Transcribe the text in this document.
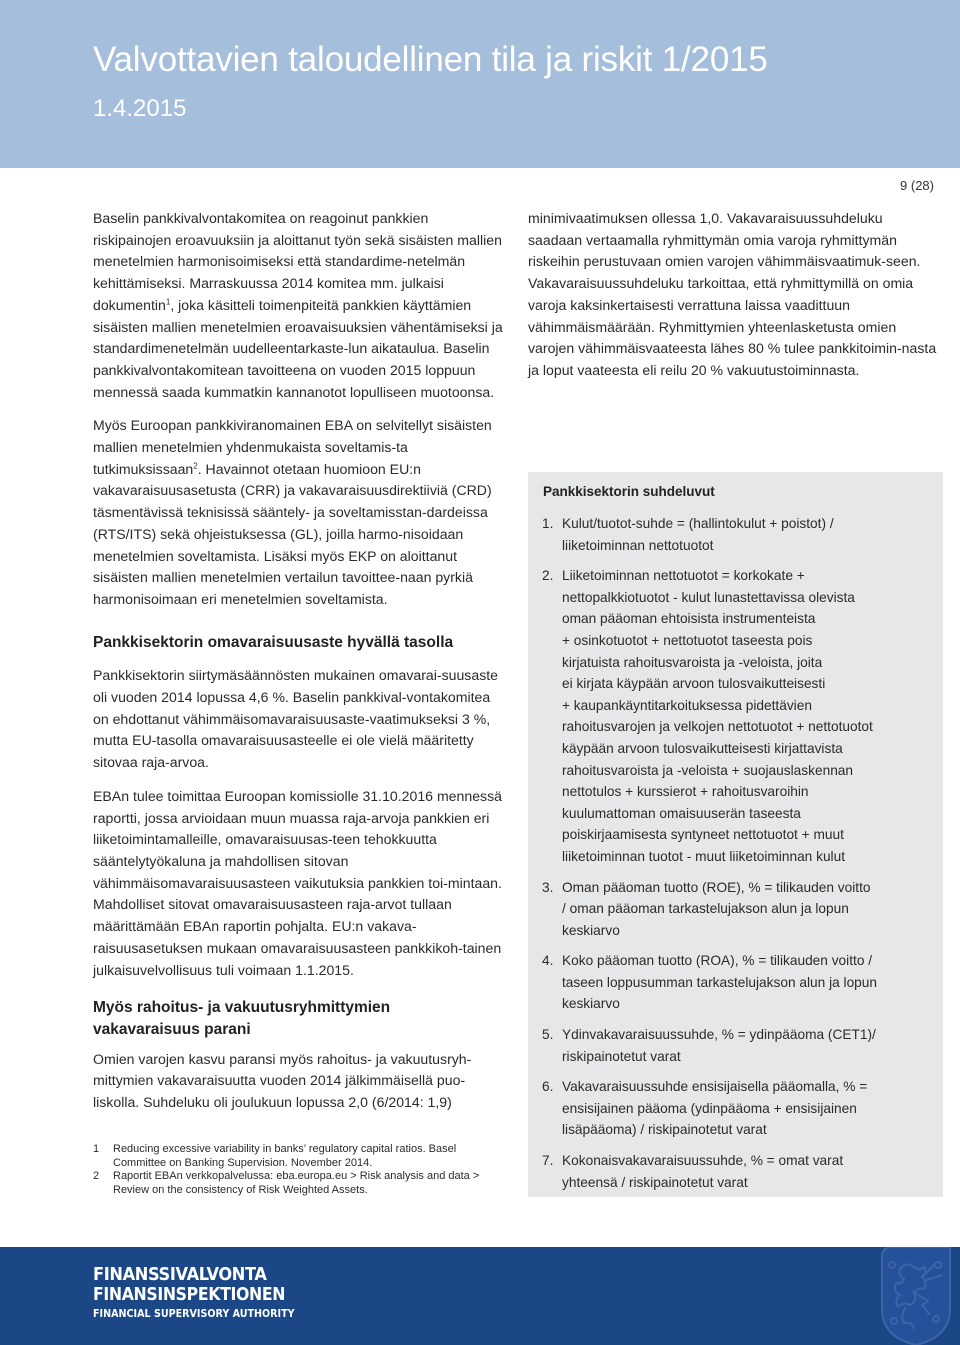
Valvottavien taloudellinen tila ja riskit 1/2015
1.4.2015
9 (28)

Baselin pankkivalvontakomitea on reagoinut pankkien riskipainojen eroavuuksiin ja aloittanut työn sekä sisäisten mallien menetelmien harmonisoimiseksi että standardime-netelmän kehittämiseksi. Marraskuussa 2014 komitea mm. julkaisi dokumentin$^1$, joka käsitteli toimenpiteitä pankkien käyttämien sisäisten mallien menetelmien eroavaisuuksien vähentämiseksi ja standardimenetelmän uudelleentarkaste-lun aikataulua. Baselin pankkivalvontakomitean tavoitteena on vuoden 2015 loppuun mennessä saada kummatkin kannanotot lopulliseen muotoonsa.

Myös Euroopan pankkiviranomainen EBA on selvitellyt sisäisten mallien menetelmien yhdenmukaista soveltamis-ta tutkimuksissaan$^2$. Havainnot otetaan huomioon EU:n vakavaraisuusasetusta (CRR) ja vakavaraisuusdirektiiviä (CRD) täsmentävissä teknisissä sääntely- ja soveltamisstan-dardeissa (RTS/ITS) sekä ohjeistuksessa (GL), joilla harmo-nisoidaan menetelmien soveltamista. Lisäksi myös EKP on aloittanut sisäisten mallien menetelmien vertailun tavoittee-naan pyrkiä harmonisoimaan eri menetelmien soveltamista.

Pankkisektorin omavaraisuusaste hyvällä tasolla

Pankkisektorin siirtymäsäännösten mukainen omavarai-suusaste oli vuoden 2014 lopussa 4,6 %. Baselin pankkival-vontakomitea on ehdottanut vähimmäisomavaraisuusaste-vaatimukseksi 3 %, mutta EU-tasolla omavaraisuusasteelle ei ole vielä määritetty sitovaa raja-arvoa.

EBAn tulee toimittaa Euroopan komissiolle 31.10.2016 mennessä raportti, jossa arvioidaan muun muassa raja-arvoja pankkien eri liiketoimintamalleille, omavaraisuusas-teen tehokkuutta sääntelytyökaluna ja mahdollisen sitovan vähimmäisomavaraisuusasteen vaikutuksia pankkien toi-mintaan. Mahdolliset sitovat omavaraisuusasteen raja-arvot tullaan määrittämään EBAn raportin pohjalta. EU:n vakava-raisuusasetuksen mukaan omavaraisuusasteen pankkikoh-tainen julkaisuvelvollisuus tuli voimaan 1.1.2015.

Myös rahoitus- ja vakuutusryhmittymien
vakavaraisuus parani

Omien varojen kasvu paransi myös rahoitus- ja vakuutusryh-mittymien vakavaraisuutta vuoden 2014 jälkimmäisellä puo-liskolla. Suhdeluku oli joulukuun lopussa 2,0 (6/2014: 1,9)

1	Reducing excessive variability in banks’ regulatory capital ratios. Basel Committee on Banking Supervision. November 2014.
2	Raportit EBAn verkkopalvelussa: eba.europa.eu > Risk analysis and data > Review on the consistency of Risk Weighted Assets.

minimivaatimuksen ollessa 1,0. Vakavaraisuussuhdeluku saadaan vertaamalla ryhmittymän omia varoja ryhmittymän riskeihin perustuvaan omien varojen vähimmäisvaatimuk-seen. Vakavaraisuussuhdeluku tarkoittaa, että ryhmittymillä on omia varoja kaksinkertaisesti verrattuna laissa vaadittuun vähimmäismäärään. Ryhmittymien yhteenlasketusta omien varojen vähimmäisvaateesta lähes 80 % tulee pankkitoimin-nasta ja loput vaateesta eli reilu 20 % vakuutustoiminnasta.

Pankkisektorin suhdeluvut
1. Kulut/tuotot-suhde = (hallintokulut + poistot) /
liiketoiminnan nettotuotot
2. Liiketoiminnan nettotuotot = korkokate +
nettopalkkiotuotot - kulut lunastettavissa olevista
oman pääoman ehtoisista instrumenteista
+ osinkotuotot + nettotuotot taseesta pois
kirjatuista rahoitusvaroista ja -veloista, joita
ei kirjata käypään arvoon tulosvaikutteisesti
+ kaupankäyntitarkoituksessa pidettävien
rahoitusvarojen ja velkojen nettotuotot + nettotuotot
käypään arvoon tulosvaikutteisesti kirjattavista
rahoitusvaroista ja -veloista + suojauslaskennan
nettotulos + kurssierot + rahoitusvaroihin
kuulumattoman omaisuuserän taseesta
poiskirjaamisesta syntyneet nettotuotot + muut
liiketoiminnan tuotot - muut liiketoiminnan kulut
3. Oman pääoman tuotto (ROE), % = tilikauden voitto
/ oman pääoman tarkastelujakson alun ja lopun
keskiarvo
4. Koko pääoman tuotto (ROA), % = tilikauden voitto /
taseen loppusumman tarkastelujakson alun ja lopun
keskiarvo
5. Ydinvakavaraisuussuhde, % = ydinpääoma (CET1)/
riskipainotetut varat
6. Vakavaraisuussuhde ensisijaisella pääomalla, % =
ensisijainen pääoma (ydinpääoma + ensisijainen
lisäpääoma) / riskipainotetut varat
7. Kokonaisvakavaraisuussuhde, % = omat varat
yhteensä / riskipainotetut varat
FINANSSIVALVONTA
FINANSINSPEKTIONEN
FINANCIAL SUPERVISORY AUTHORITY
